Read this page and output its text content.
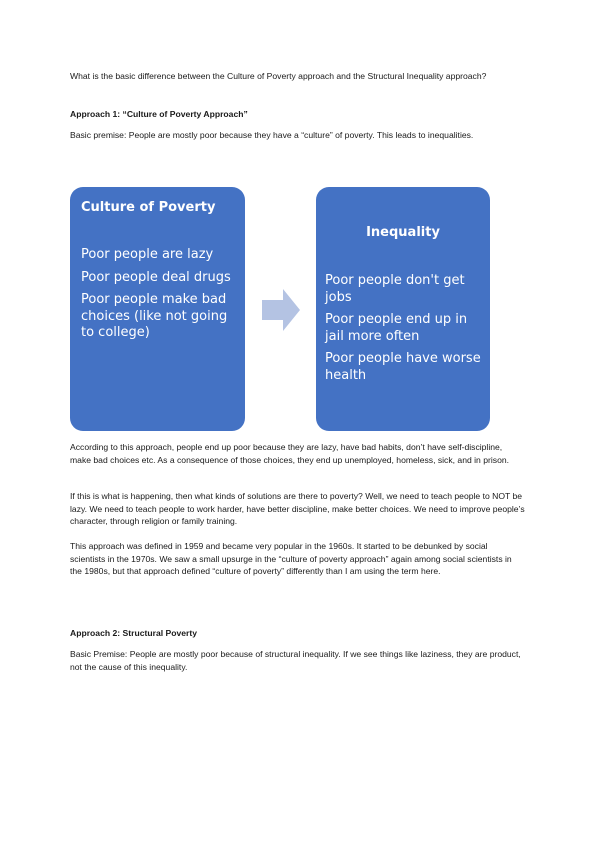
What is the basic difference between the Culture of Poverty approach and the Structural Inequality approach?

Approach 1: “Culture of Poverty Approach”

Basic premise: People are mostly poor because they have a “culture” of poverty. This leads to inequalities.

Culture of Poverty
Poor people are lazy
Poor people deal drugs
Poor people make bad choices (like not going to college)
Inequality
Poor people don't get jobs
Poor people end up in jail more often
Poor people have worse health

According to this approach, people end up poor because they are lazy, have bad habits, don’t have self-discipline, make bad choices etc. As a consequence of those choices, they end up unemployed, homeless, sick, and in prison.

If this is what is happening, then what kinds of solutions are there to poverty? Well, we need to teach people to NOT be lazy. We need to teach people to work harder, have better discipline, make better choices. We need to improve people’s character, through religion or family training.

This approach was defined in 1959 and became very popular in the 1960s. It started to be debunked by social scientists in the 1970s. We saw a small upsurge in the “culture of poverty approach” again among social scientists in the 1980s, but that approach defined “culture of poverty” differently than I am using the term here.

Approach 2: Structural Poverty

Basic Premise: People are mostly poor because of structural inequality. If we see things like laziness, they are product, not the cause of this inequality.
